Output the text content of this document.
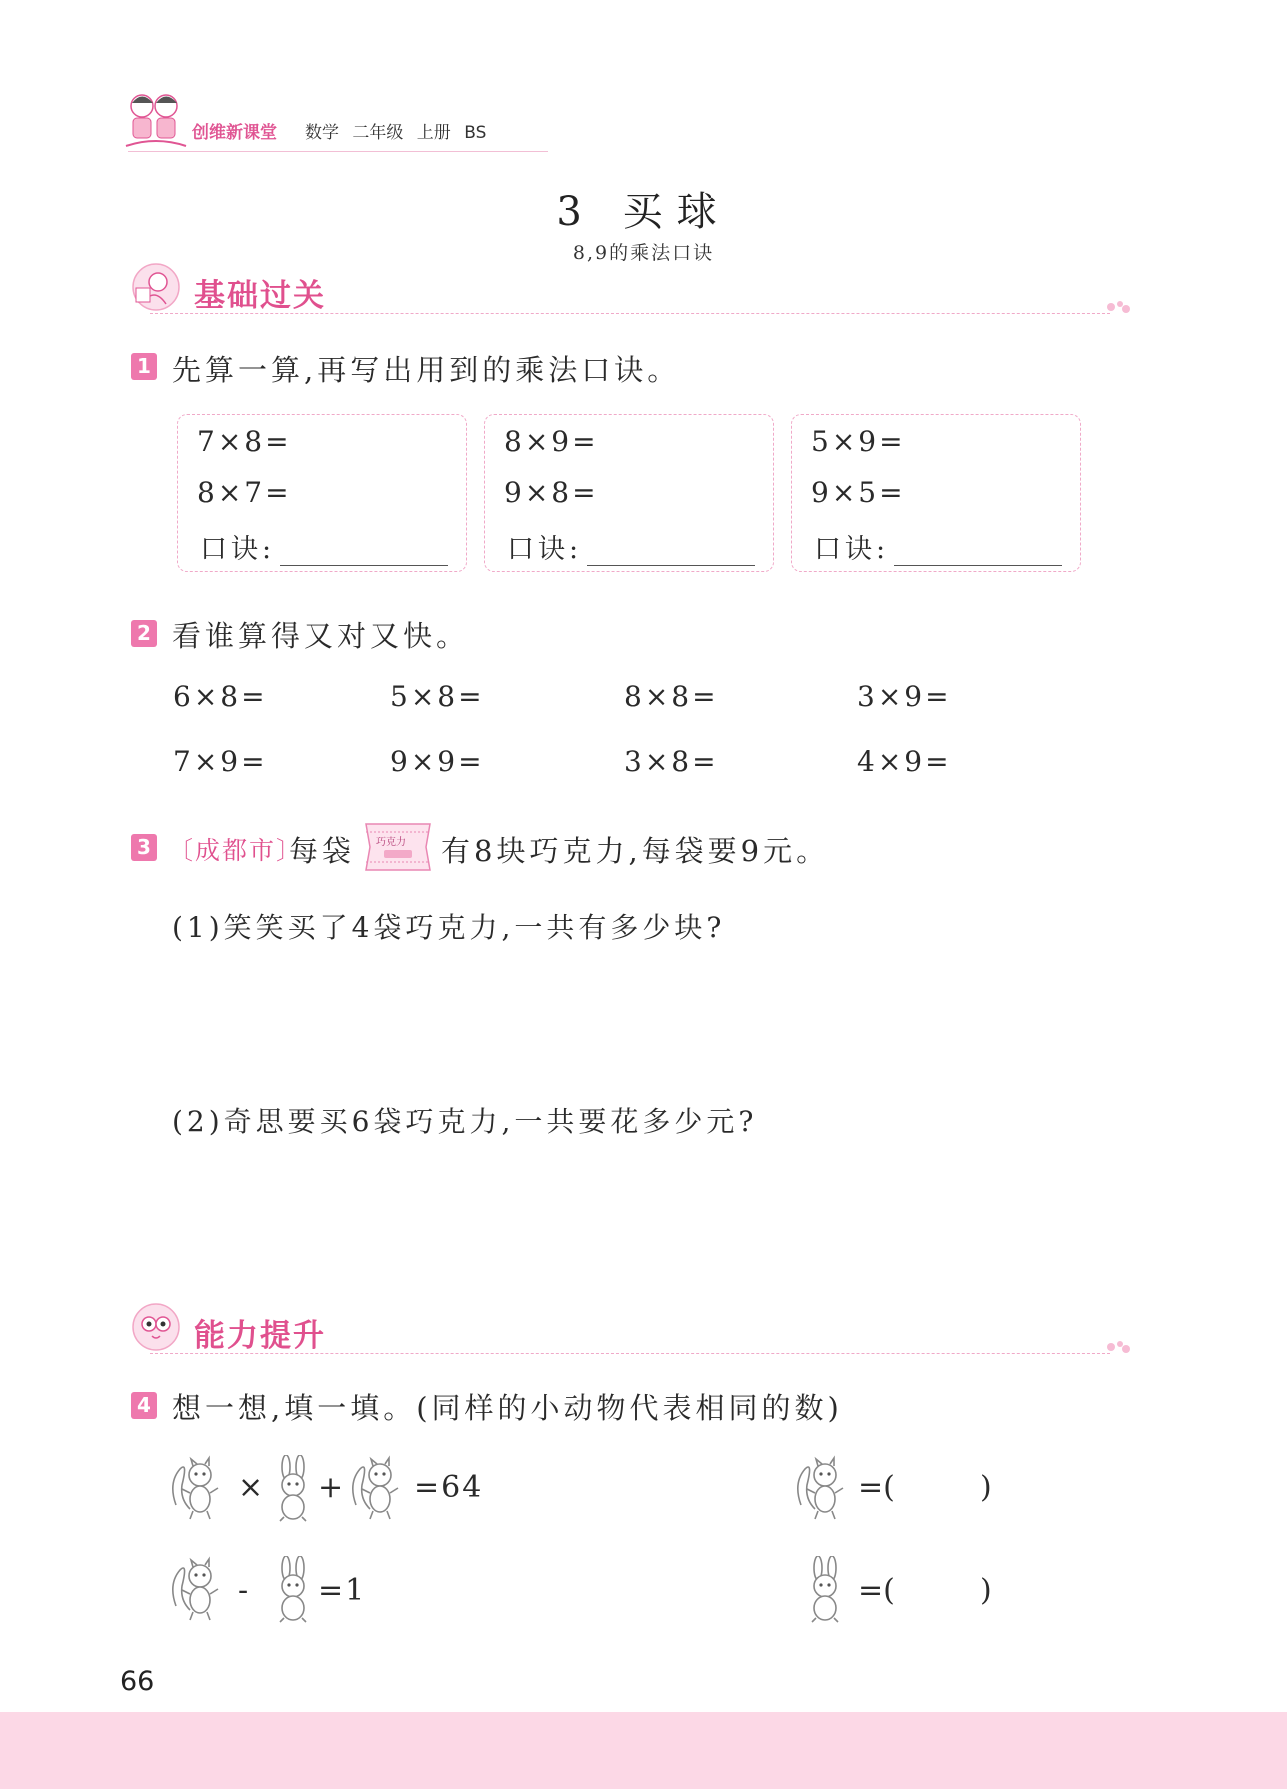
创维新课堂 数学 二年级 上册 BS
3 买球
8,9的乘法口诀
基础过关
1 先算一算,再写出用到的乘法口诀。
7×8=
8×7=
口诀:
8×9=
9×8=
口诀:
5×9=
9×5=
口诀:
2 看谁算得又对又快。
6×8=	5×8=	8×8=	3×9=
7×9=	9×9=	3×8=	4×9=
3 〔成都市〕
每袋 巧克力 有8块巧克力,每袋要9元。
(1)笑笑买了4袋巧克力,一共有多少块?
(2)奇思要买6袋巧克力,一共要花多少元?
能力提升
4 想一想,填一填。(同样的小动物代表相同的数)
× + =64	=(	)
- =1	=(	)
66
